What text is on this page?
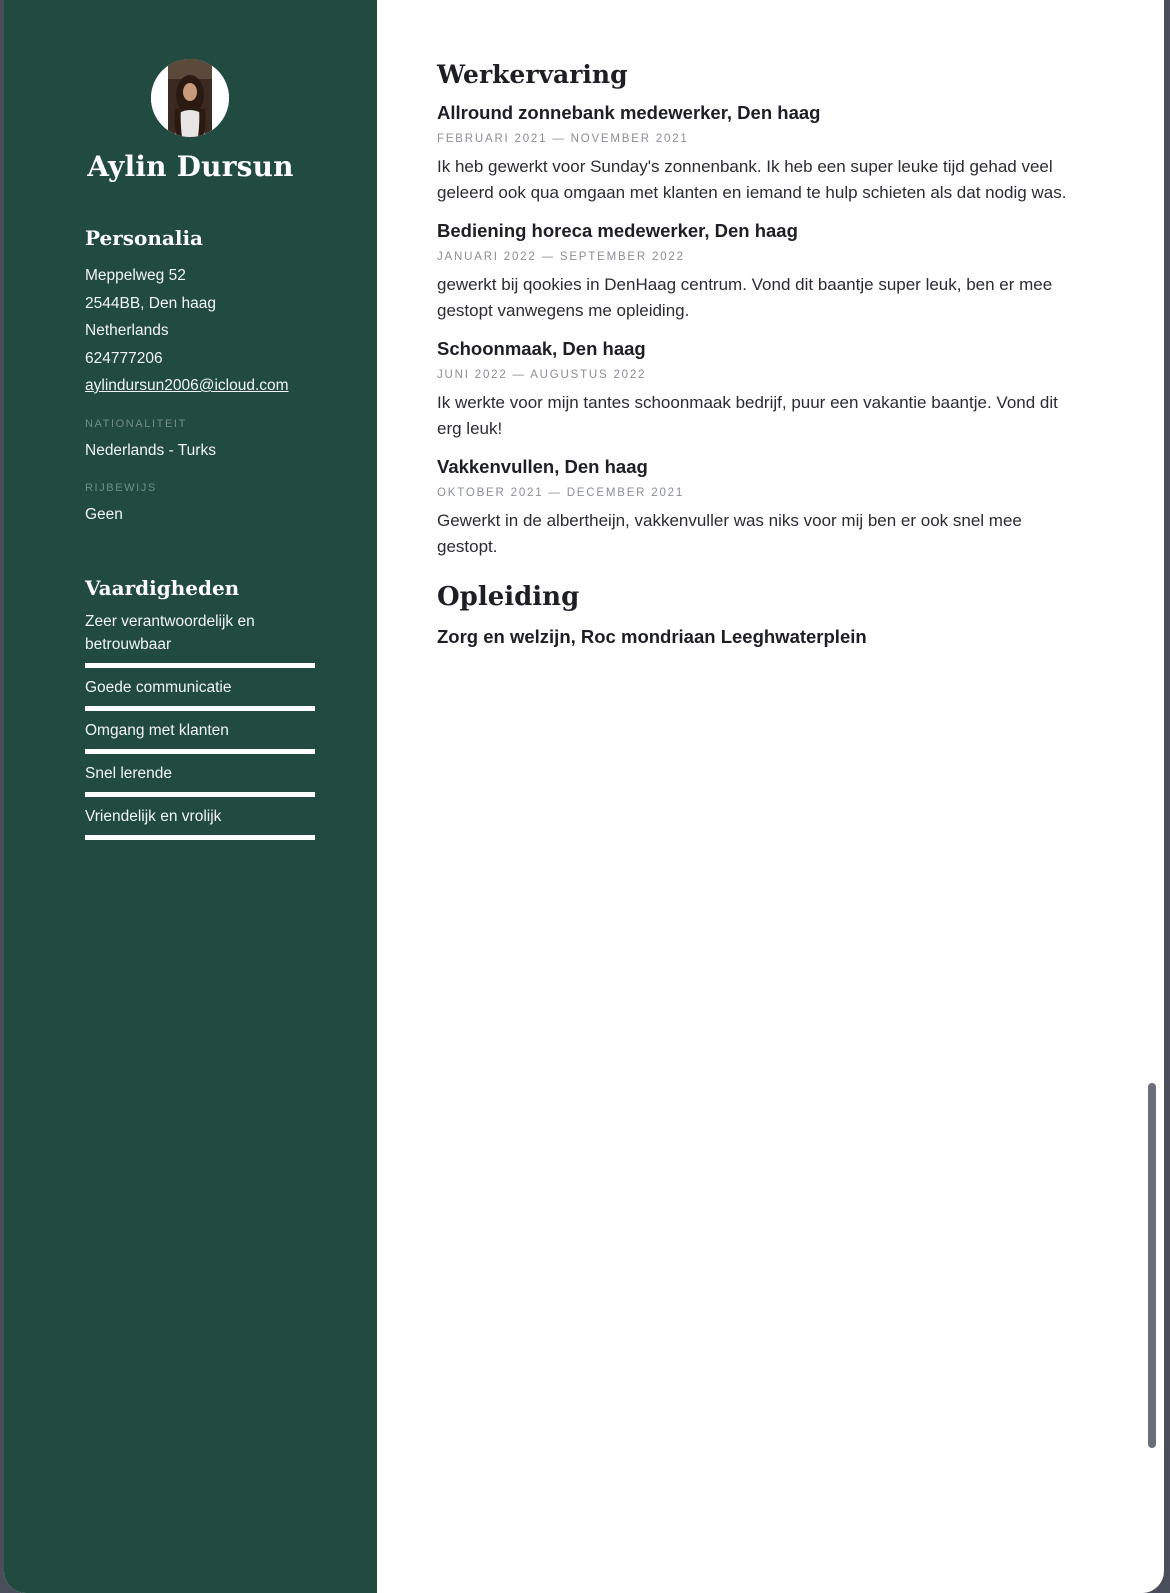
Aylin Dursun
Personalia
Meppelweg 52
2544BB, Den haag
Netherlands
624777206
aylindursun2006@icloud.com
NATIONALITEIT
Nederlands - Turks
RIJBEWIJS
Geen
Vaardigheden
Zeer verantwoordelijk en betrouwbaar
Goede communicatie
Omgang met klanten
Snel lerende
Vriendelijk en vrolijk
Werkervaring
Allround zonnebank medewerker, Den haag
FEBRUARI 2021 — NOVEMBER 2021
Ik heb gewerkt voor Sunday's zonnenbank. Ik heb een super leuke tijd gehad veel geleerd ook qua omgaan met klanten en iemand te hulp schieten als dat nodig was.
Bediening horeca medewerker, Den haag
JANUARI 2022 — SEPTEMBER 2022
gewerkt bij qookies in DenHaag centrum. Vond dit baantje super leuk, ben er mee gestopt vanwegens me opleiding.
Schoonmaak, Den haag
JUNI 2022 — AUGUSTUS 2022
Ik werkte voor mijn tantes schoonmaak bedrijf, puur een vakantie baantje. Vond dit erg leuk!
Vakkenvullen, Den haag
OKTOBER 2021 — DECEMBER 2021
Gewerkt in de albertheijn, vakkenvuller was niks voor mij ben er ook snel mee gestopt.
Opleiding
Zorg en welzijn, Roc mondriaan Leeghwaterplein
